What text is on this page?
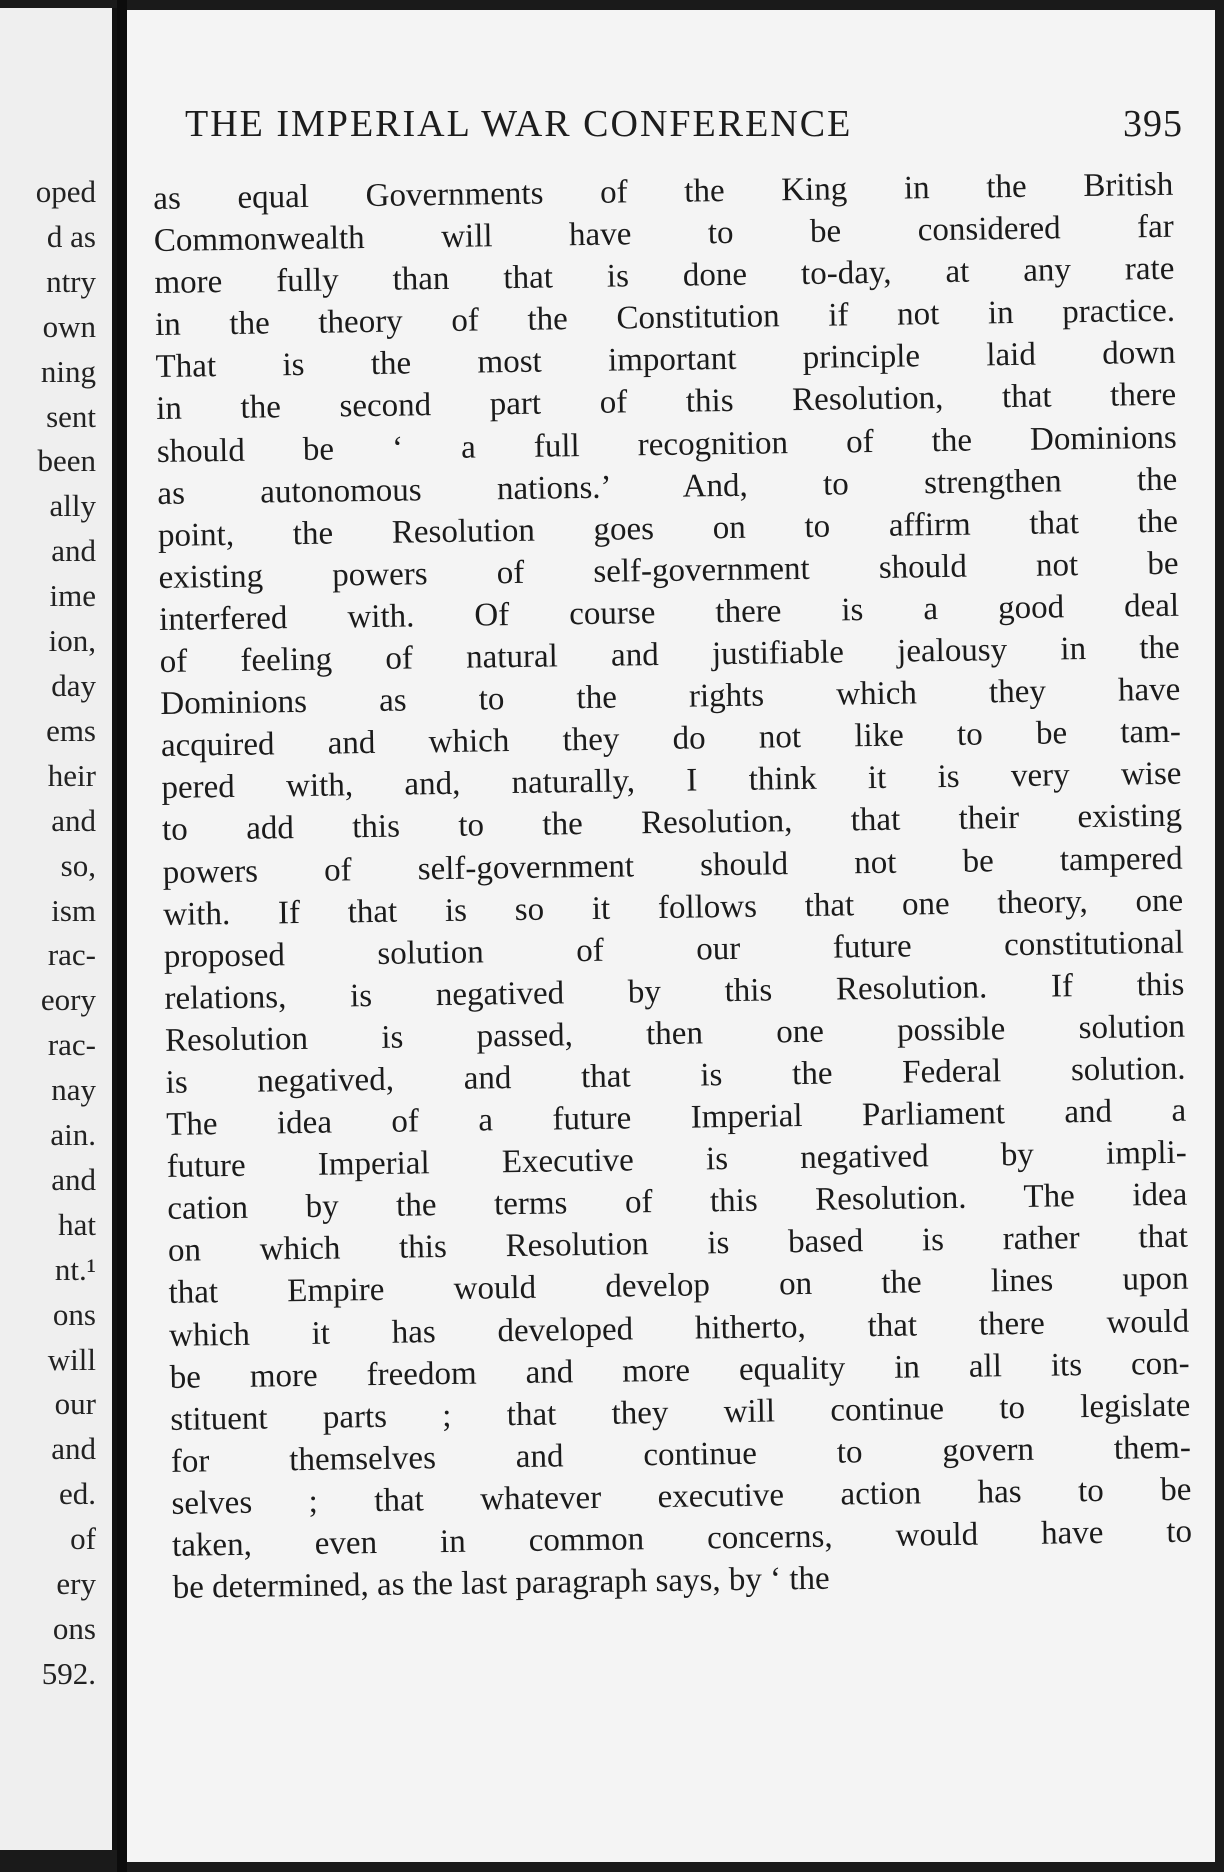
oped
d as
ntry
own
ning
sent
been
ally
and
ime
ion,
day
ems
heir
and
so,
ism
rac-
eory
rac-
nay
ain.
and
hat
nt.¹
ons
will
our
and
ed.
of
ery
ons
592.
THE IMPERIAL WAR CONFERENCE	395
as equal Governments of the King in the British
Commonwealth will have to be considered far
more fully than that is done to-day, at any rate
in the theory of the Constitution if not in practice.
That is the most important principle laid down
in the second part of this Resolution, that there
should be ‘ a full recognition of the Dominions
as autonomous nations.’ And, to strengthen the
point, the Resolution goes on to affirm that the
existing powers of self-government should not be
interfered with. Of course there is a good deal
of feeling of natural and justifiable jealousy in the
Dominions as to the rights which they have
acquired and which they do not like to be tam-
pered with, and, naturally, I think it is very wise
to add this to the Resolution, that their existing
powers of self-government should not be tampered
with. If that is so it follows that one theory, one
proposed solution of our future constitutional
relations, is negatived by this Resolution. If this
Resolution is passed, then one possible solution
is negatived, and that is the Federal solution.
The idea of a future Imperial Parliament and a
future Imperial Executive is negatived by impli-
cation by the terms of this Resolution. The idea
on which this Resolution is based is rather that
that Empire would develop on the lines upon
which it has developed hitherto, that there would
be more freedom and more equality in all its con-
stituent parts ; that they will continue to legislate
for themselves and continue to govern them-
selves ; that whatever executive action has to be
taken, even in common concerns, would have to
be determined, as the last paragraph says, by ‘ the
